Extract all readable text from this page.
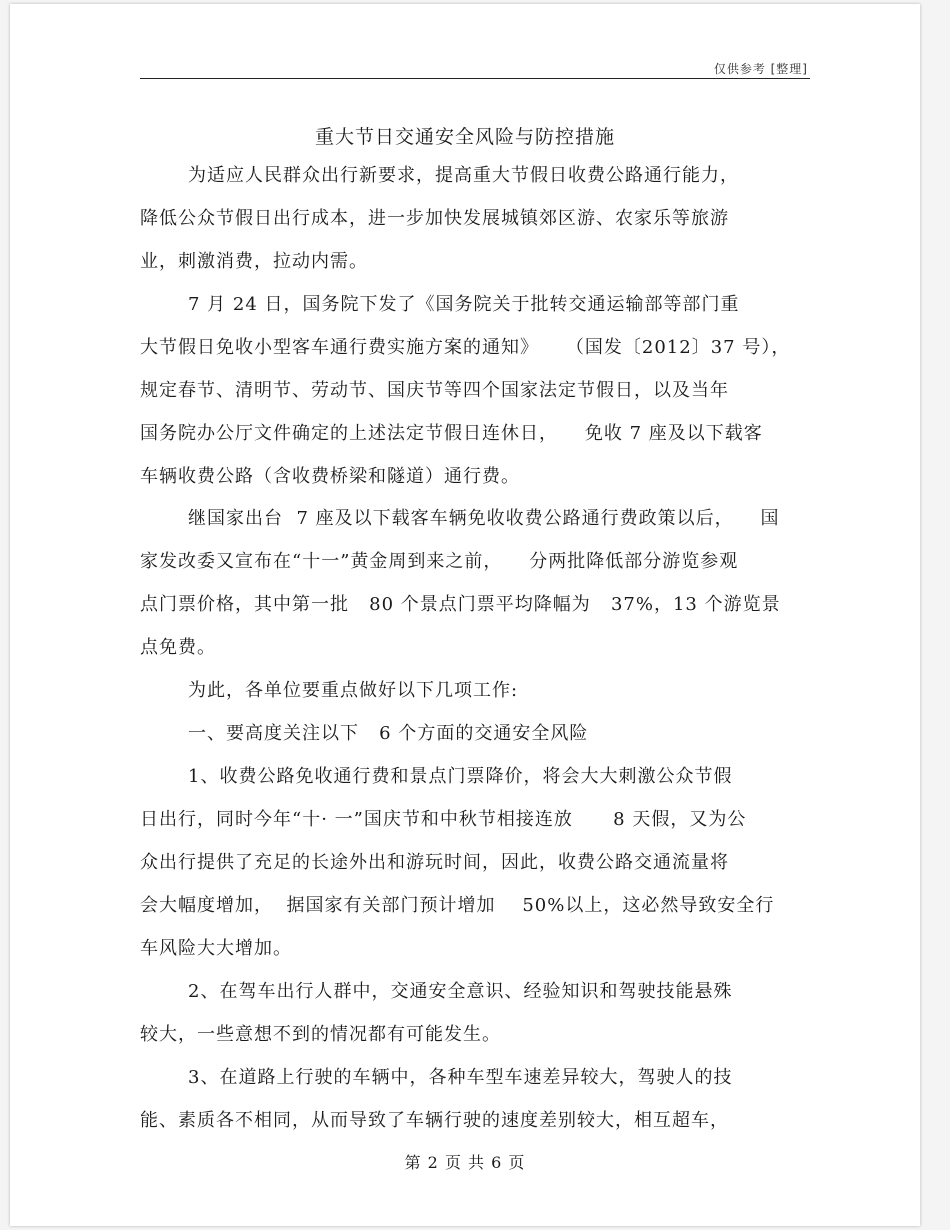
仅供参考 [整理]
重大节日交通安全风险与防控措施
为适应人民群众出行新要求，提高重大节假日收费公路通行能力，
降低公众节假日出行成本，进一步加快发展城镇郊区游、农家乐等旅游
业，刺激消费，拉动内需。
7 月 24 日，国务院下发了《国务院关于批转交通运输部等部门重
大节假日免收小型客车通行费实施方案的通知》    （国发〔2012〕37 号），
规定春节、清明节、劳动节、国庆节等四个国家法定节假日，以及当年
国务院办公厅文件确定的上述法定节假日连休日，    免收 7 座及以下载客
车辆收费公路（含收费桥梁和隧道）通行费。
继国家出台  7 座及以下载客车辆免收收费公路通行费政策以后，    国
家发改委又宣布在“十一”黄金周到来之前，    分两批降低部分游览参观
点门票价格，其中第一批   80 个景点门票平均降幅为   37%，13 个游览景
点免费。
为此，各单位要重点做好以下几项工作:
一、要高度关注以下   6 个方面的交通安全风险
1、收费公路免收通行费和景点门票降价，将会大大刺激公众节假
日出行，同时今年“十· 一”国庆节和中秋节相接连放      8 天假，又为公
众出行提供了充足的长途外出和游玩时间，因此，收费公路交通流量将
会大幅度增加，  据国家有关部门预计增加    50%以上，这必然导致安全行
车风险大大增加。
2、在驾车出行人群中，交通安全意识、经验知识和驾驶技能悬殊
较大，一些意想不到的情况都有可能发生。
3、在道路上行驶的车辆中，各种车型车速差异较大，驾驶人的技
能、素质各不相同，从而导致了车辆行驶的速度差别较大，相互超车，
第 2 页 共 6 页
